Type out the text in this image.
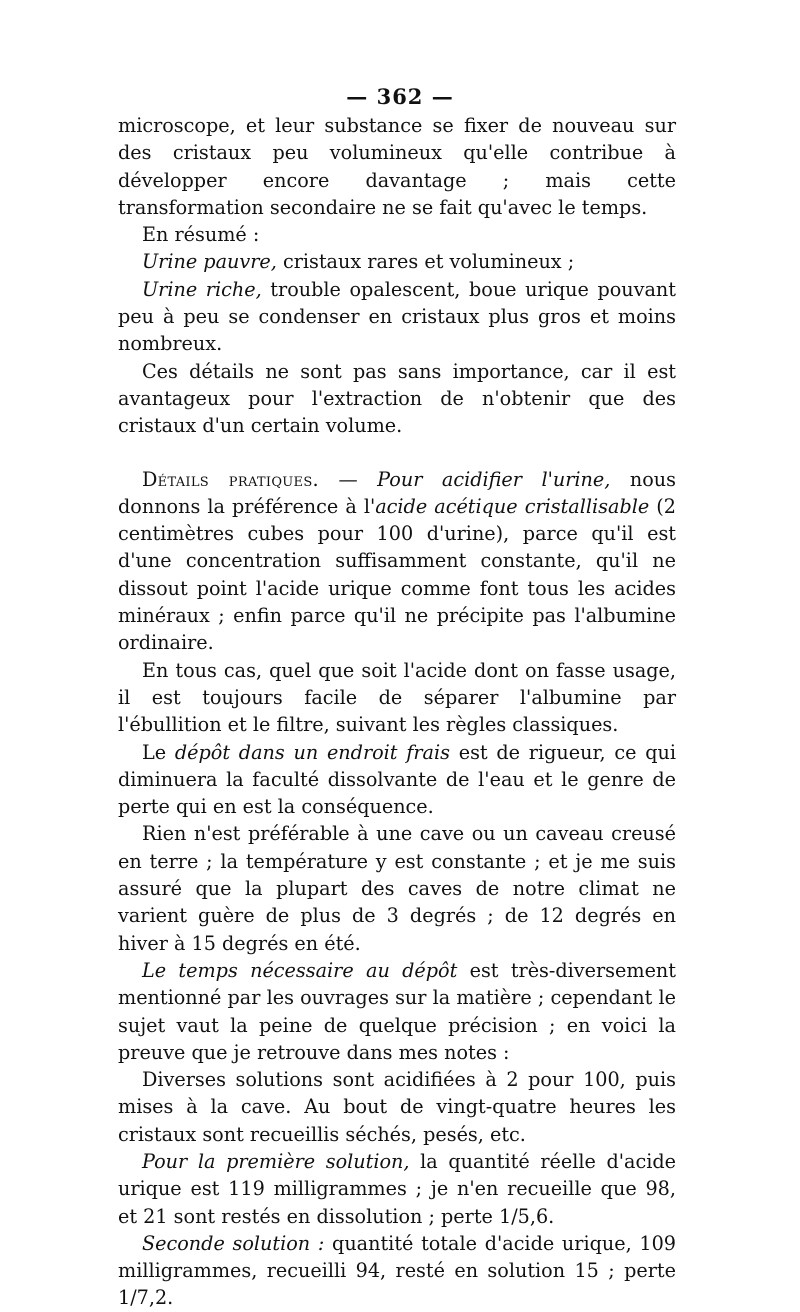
— 362 —

microscope, et leur substance se fixer de nouveau sur des cristaux peu volumineux qu'elle contribue à développer encore davantage ; mais cette transformation secondaire ne se fait qu'avec le temps.

En résumé :

Urine pauvre, cristaux rares et volumineux ;

Urine riche, trouble opalescent, boue urique pouvant peu à peu se condenser en cristaux plus gros et moins nombreux.

Ces détails ne sont pas sans importance, car il est avantageux pour l'extraction de n'obtenir que des cristaux d'un certain volume.

Détails pratiques. — Pour acidifier l'urine, nous donnons la préférence à l'acide acétique cristallisable (2 centimètres cubes pour 100 d'urine), parce qu'il est d'une concentration suffisamment constante, qu'il ne dissout point l'acide urique comme font tous les acides minéraux ; enfin parce qu'il ne précipite pas l'albumine ordinaire.

En tous cas, quel que soit l'acide dont on fasse usage, il est toujours facile de séparer l'albumine par l'ébullition et le filtre, suivant les règles classiques.

Le dépôt dans un endroit frais est de rigueur, ce qui diminuera la faculté dissolvante de l'eau et le genre de perte qui en est la conséquence.

Rien n'est préférable à une cave ou un caveau creusé en terre ; la température y est constante ; et je me suis assuré que la plupart des caves de notre climat ne varient guère de plus de 3 degrés ; de 12 degrés en hiver à 15 degrés en été.

Le temps nécessaire au dépôt est très-diversement mentionné par les ouvrages sur la matière ; cependant le sujet vaut la peine de quelque précision ; en voici la preuve que je retrouve dans mes notes :

Diverses solutions sont acidifiées à 2 pour 100, puis mises à la cave. Au bout de vingt-quatre heures les cristaux sont recueillis séchés, pesés, etc.

Pour la première solution, la quantité réelle d'acide urique est 119 milligrammes ; je n'en recueille que 98, et 21 sont restés en dissolution ; perte 1/5,6.

Seconde solution : quantité totale d'acide urique, 109 milligrammes, recueilli 94, resté en solution 15 ; perte 1/7,2.
